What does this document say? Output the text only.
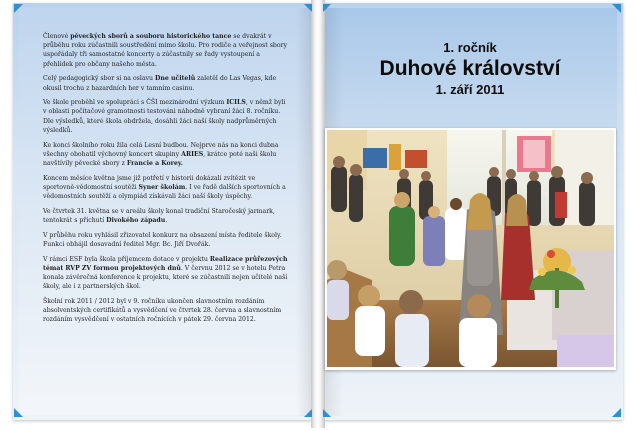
Členové pěveckých sborů a souboru historického tance se dvakrát v průběhu roku zúčastnili soustředění mimo školu. Pro rodiče a veřejnost sbory uspořádaly tři samostatné koncerty a zúčastnily se řady vystoupení a přehlídek pro občany našeho města.

Celý pedagogický sbor si na oslavu Dne učitelů zaletěl do Las Vegas, kde okusil trochu z hazardních her v tamním casinu.

Ve škole proběhl ve spolupráci s ČŠI mezinárodní výzkum ICILS, v němž byli v oblasti počítačové gramotnosti testováni náhodně vybraní žáci 8. ročníku. Dle výsledků, které škola obdržela, dosáhli žáci naší školy nadprůměrných výsledků.

Ke konci školního roku žila celá Lesní budbou. Nejprve nás na konci dubna všechny obohatil výchovný koncert skupiny ARIES, krátce poté naši školu navštívily pěvecké sbory z Francie a Korey.

Koncem měsíce května jsme již potřetí v historii dokázali zvítězit ve sportovně-vědomostní soutěži Syner školám. I ve řadě dalších sportovních a vědomostních soutěží a olympiád získávali žáci naší školy úspěchy.

Ve čtvrtek 31. května se v areálu školy konal tradiční Staročeský jarmark, tentokrát s příchutí Divokého západu.

V průběhu roku vyhlásil zřizovatel konkurz na obsazení místa ředitele školy. Funkci obhájil dosavadní ředitel Mgr. Bc. Jiří Dvořák.

V rámci ESF byla škola příjemcem dotace v projektu Realizace průřezových témat RVP ZV formou projektových dnů. V červnu 2012 se v hotelu Petra konala závěrečná konference k projektu, které se zúčastnili nejen učitelé naší školy, ale i z partnerských škol.

Školní rok 2011 / 2012 byl v 9. ročníku ukončen slavnostním rozdáním absolventských certifikátů a vysvědčení ve čtvrtek 28. června a slavnostním rozdáním vysvědčení v ostatních ročnících v pátek 29. června 2012.

1. ročník
Duhové království
1. září 2011
